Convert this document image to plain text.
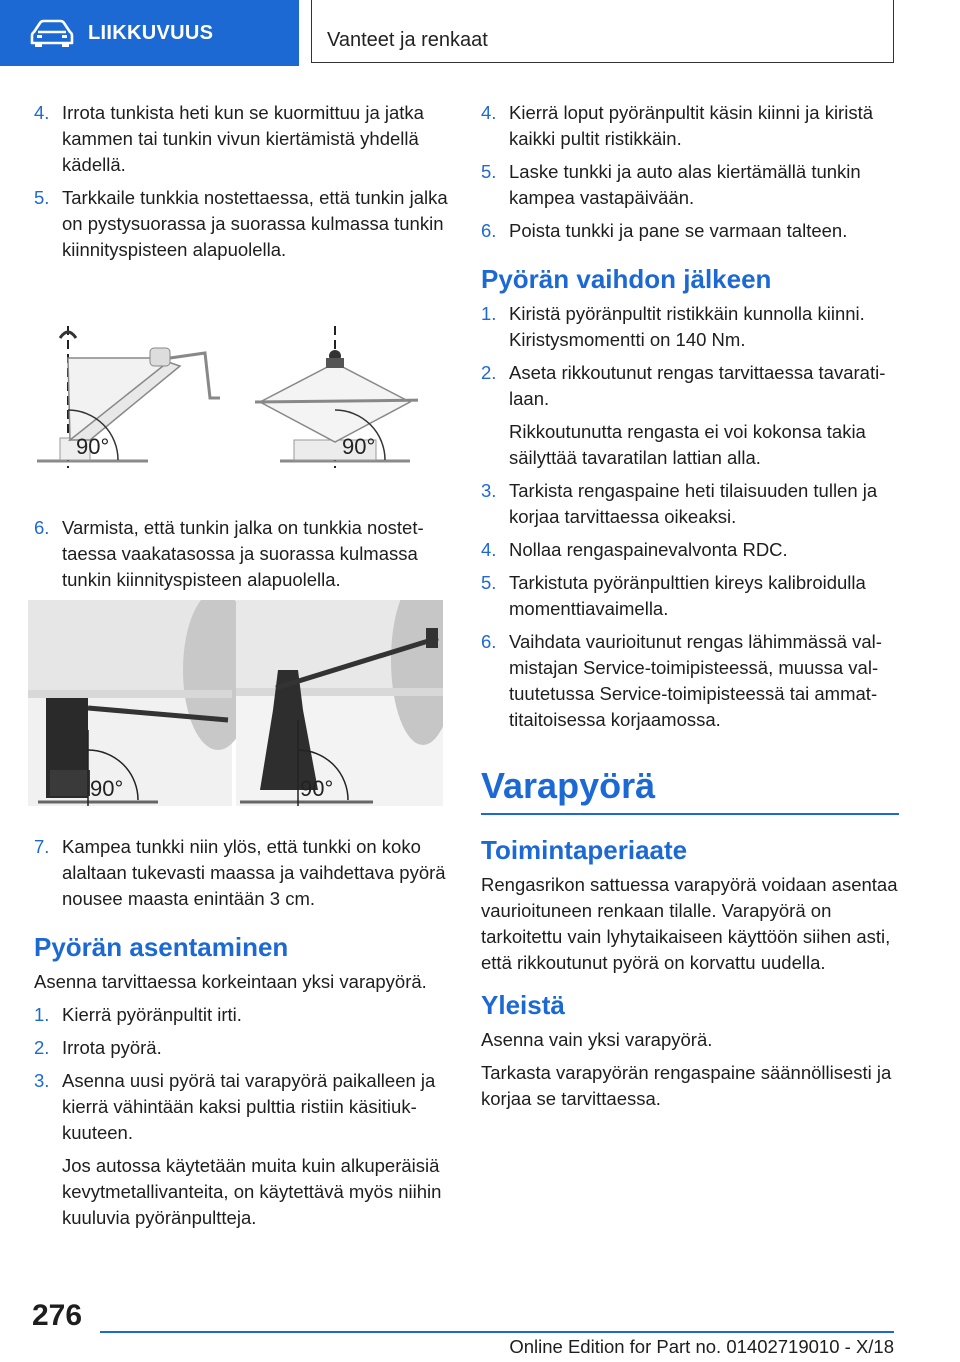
LIIKKUVUUS	Vanteet ja renkaat
4. Irrota tunkista heti kun se kuormittuu ja jatka kammen tai tunkin vivun kiertämistä yhdellä kädellä.
5. Tarkkaile tunkkia nostettaessa, että tunkin jalka on pystysuorassa ja suorassa kulmassa tunkin kiinnityspisteen alapuolella.
90°	90°
6. Varmista, että tunkin jalka on tunkkia nostettaessa vaakatasossa ja suorassa kulmassa tunkin kiinnityspisteen alapuolella.
90°	90°
7. Kampea tunkki niin ylös, että tunkki on koko alaltaan tukevasti maassa ja vaihdettava pyörä nousee maasta enintään 3 cm.
Pyörän asentaminen

Asenna tarvittaessa korkeintaan yksi varapyörä.

1. Kierrä pyöränpultit irti.
2. Irrota pyörä.
3. Asenna uusi pyörä tai varapyörä paikalleen ja kierrä vähintään kaksi pulttia ristiin käsitiukkuuteen.
Jos autossa käytetään muita kuin alkuperäisiä kevytmetallivanteita, on käytettävä myös niihin kuuluvia pyöränpultteja.
4. Kierrä loput pyöränpultit käsin kiinni ja kiristä kaikki pultit ristikkäin.
5. Laske tunkki ja auto alas kiertämällä tunkin kampea vastapäivään.
6. Poista tunkki ja pane se varmaan talteen.
Pyörän vaihdon jälkeen
1. Kiristä pyöränpultit ristikkäin kunnolla kiinni. Kiristysmomentti on 140 Nm.
2. Aseta rikkoutunut rengas tarvittaessa tavaratilaan.
Rikkoutunutta rengasta ei voi kokonsa takia säilyttää tavaratilan lattian alla.
3. Tarkista rengaspaine heti tilaisuuden tullen ja korjaa tarvittaessa oikeaksi.
4. Nollaa rengaspainevalvonta RDC.
5. Tarkistuta pyöränpulttien kireys kalibroidulla momenttiavaimella.
6. Vaihdata vaurioitunut rengas lähimmässä valmistajan Service-toimipisteessä, muussa valtuutetussa Service-toimipisteessä tai ammattitaitoisessa korjaamossa.
Varapyörä
Toimintaperiaate

Rengasrikon sattuessa varapyörä voidaan asentaa vaurioituneen renkaan tilalle. Varapyörä on tarkoitettu vain lyhytaikaiseen käyttöön siihen asti, että rikkoutunut pyörä on korvattu uudella.

Yleistä

Asenna vain yksi varapyörä.

Tarkasta varapyörän rengaspaine säännöllisesti ja korjaa se tarvittaessa.

276
Online Edition for Part no. 01402719010 - X/18
